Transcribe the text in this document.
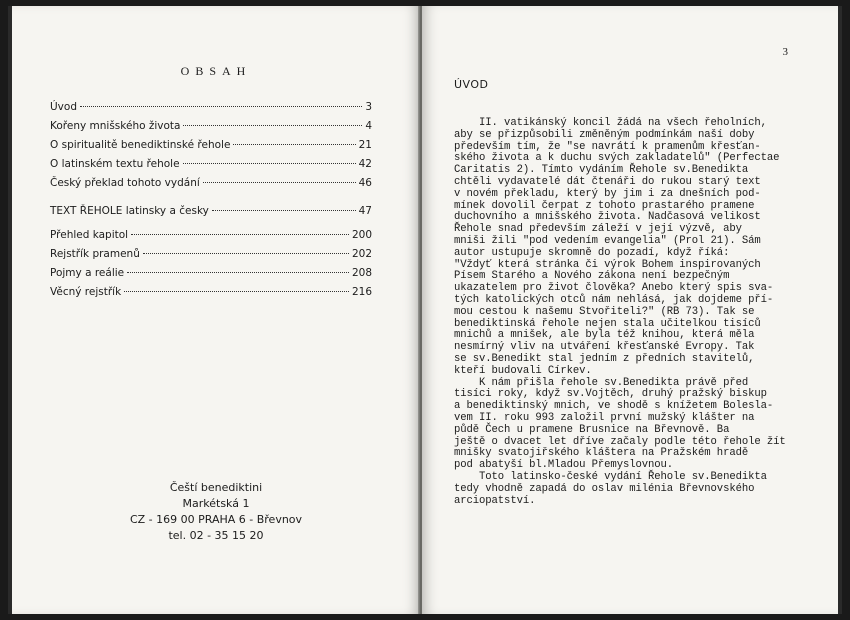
OBSAH
Úvod	3
Kořeny mnišského života	4
O spiritualitě benediktinské řehole	21
O latinském textu řehole	42
Český překlad tohoto vydání	46
TEXT ŘEHOLE latinsky a česky	47
Přehled kapitol	200
Rejstřík pramenů	202
Pojmy a reálie	208
Věcný rejstřík	216
Čeští benediktini
Markétská 1
CZ - 169 00 PRAHA 6 - Břevnov
tel. 02 - 35 15 20
3
ÚVOD
II. vatikánský koncil žádá na všech řeholních,
aby se přizpůsobili změněným podmínkám naší doby
především tím, že "se navrátí k pramenům křesťan-
ského života a k duchu svých zakladatelů" (Perfectae
Caritatis 2). Tímto vydáním Řehole sv.Benedikta
chtěli vydavatelé dát čtenáři do rukou starý text
v novém překladu, který by jim i za dnešních pod-
mínek dovolil čerpat z tohoto prastarého pramene
duchovního a mnišského života. Nadčasová velikost
Řehole snad především záleží v její výzvě, aby
mniši žili "pod vedením evangelia" (Prol 21). Sám
autor ustupuje skromně do pozadí, když říká:
"Vždyť která stránka či výrok Bohem inspirovaných
Písem Starého a Nového zákona není bezpečným
ukazatelem pro život člověka? Anebo který spis sva-
tých katolických otců nám nehlásá, jak dojdeme pří-
mou cestou k našemu Stvořiteli?" (RB 73). Tak se
benediktinská řehole nejen stala učitelkou tisíců
mnichů a mnišek, ale byla též knihou, která měla
nesmírný vliv na utváření křesťanské Evropy. Tak
se sv.Benedikt stal jedním z předních stavitelů,
kteří budovali Církev.
K nám přišla řehole sv.Benedikta právě před
tisíci roky, když sv.Vojtěch, druhý pražský biskup
a benediktinský mnich, ve shodě s knížetem Bolesla-
vem II. roku 993 založil první mužský klášter na
půdě Čech u pramene Brusnice na Břevnově. Ba
ještě o dvacet let dříve začaly podle této řehole žít
mnišky svatojiřského kláštera na Pražském hradě
pod abatyší bl.Mladou Přemyslovnou.
Toto latinsko-české vydání Řehole sv.Benedikta
tedy vhodně zapadá do oslav milénia Břevnovského
arciopatství.
